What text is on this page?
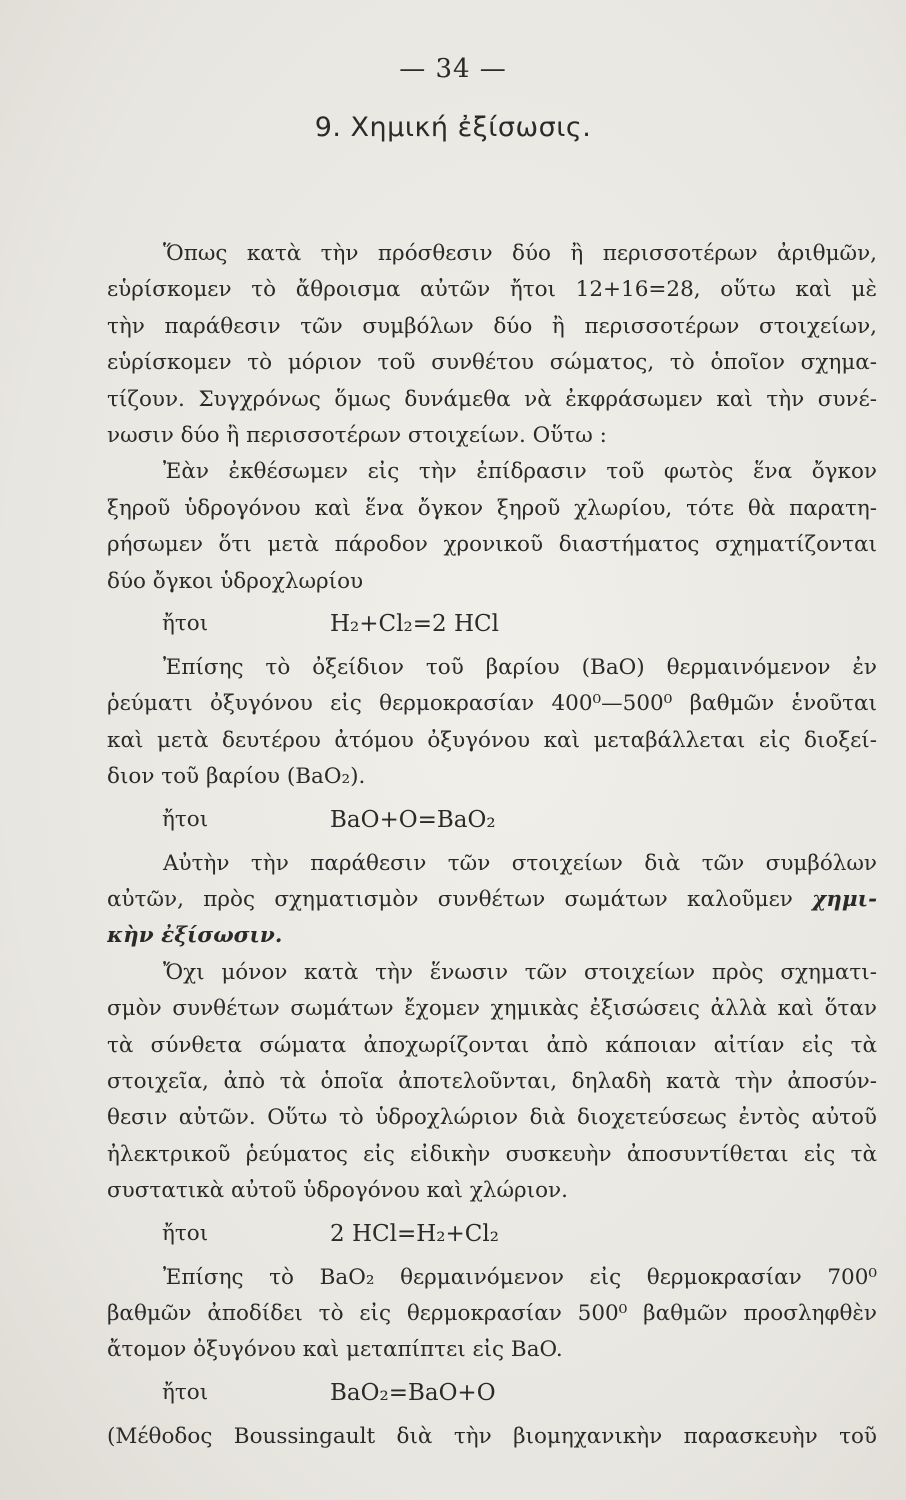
— 34 —
9. Χημική ἐξίσωσις.
Ὅπως κατὰ τὴν πρόσθεσιν δύο ἢ περισσοτέρων ἀριθμῶν,
εὑρίσκομεν τὸ ἄθροισμα αὐτῶν ἤτοι 12+16=28, οὕτω καὶ μὲ
τὴν παράθεσιν τῶν συμβόλων δύο ἢ περισσοτέρων στοιχείων,
εὑρίσκομεν τὸ μόριον τοῦ συνθέτου σώματος, τὸ ὁποῖον σχημα-
τίζουν. Συγχρόνως ὅμως δυνάμεθα νὰ ἐκφράσωμεν καὶ τὴν συνέ-
νωσιν δύο ἢ περισσοτέρων στοιχείων. Οὕτω :
Ἐὰν ἐκθέσωμεν εἰς τὴν ἐπίδρασιν τοῦ φωτὸς ἕνα ὄγκον
ξηροῦ ὑδρογόνου καὶ ἕνα ὄγκον ξηροῦ χλωρίου, τότε θὰ παρατη-
ρήσωμεν ὅτι μετὰ πάροδον χρονικοῦ διαστήματος σχηματίζονται
δύο ὄγκοι ὑδροχλωρίου
ἤτοι	H₂+Cl₂=2 HCl
Ἐπίσης τὸ ὀξείδιον τοῦ βαρίου (BaO) θερμαινόμενον ἐν
ῥεύματι ὀξυγόνου εἰς θερμοκρασίαν 400⁰—500⁰ βαθμῶν ἑνοῦται
καὶ μετὰ δευτέρου ἀτόμου ὀξυγόνου καὶ μεταβάλλεται εἰς διοξεί-
διον τοῦ βαρίου (BaO₂).
ἤτοι	BaO+O=BaO₂
Αὐτὴν τὴν παράθεσιν τῶν στοιχείων διὰ τῶν συμβόλων
αὐτῶν, πρὸς σχηματισμὸν συνθέτων σωμάτων καλοῦμεν χημι-
κὴν ἐξίσωσιν.
Ὄχι μόνον κατὰ τὴν ἕνωσιν τῶν στοιχείων πρὸς σχηματι-
σμὸν συνθέτων σωμάτων ἔχομεν χημικὰς ἐξισώσεις ἀλλὰ καὶ ὅταν
τὰ σύνθετα σώματα ἀποχωρίζονται ἀπὸ κάποιαν αἰτίαν εἰς τὰ
στοιχεῖα, ἀπὸ τὰ ὁποῖα ἀποτελοῦνται, δηλαδὴ κατὰ τὴν ἀποσύν-
θεσιν αὐτῶν. Οὕτω τὸ ὑδροχλώριον διὰ διοχετεύσεως ἐντὸς αὐτοῦ
ἠλεκτρικοῦ ῥεύματος εἰς εἰδικὴν συσκευὴν ἀποσυντίθεται εἰς τὰ
συστατικὰ αὐτοῦ ὑδρογόνου καὶ χλώριον.
ἤτοι	2 HCl=H₂+Cl₂
Ἐπίσης τὸ BaO₂ θερμαινόμενον εἰς θερμοκρασίαν 700⁰
βαθμῶν ἀποδίδει τὸ εἰς θερμοκρασίαν 500⁰ βαθμῶν προσληφθὲν
ἄτομον ὀξυγόνου καὶ μεταπίπτει εἰς BaO.
ἤτοι	BaO₂=BaO+O
(Μέθοδος Boussingault διὰ τὴν βιομηχανικὴν παρασκευὴν τοῦ
